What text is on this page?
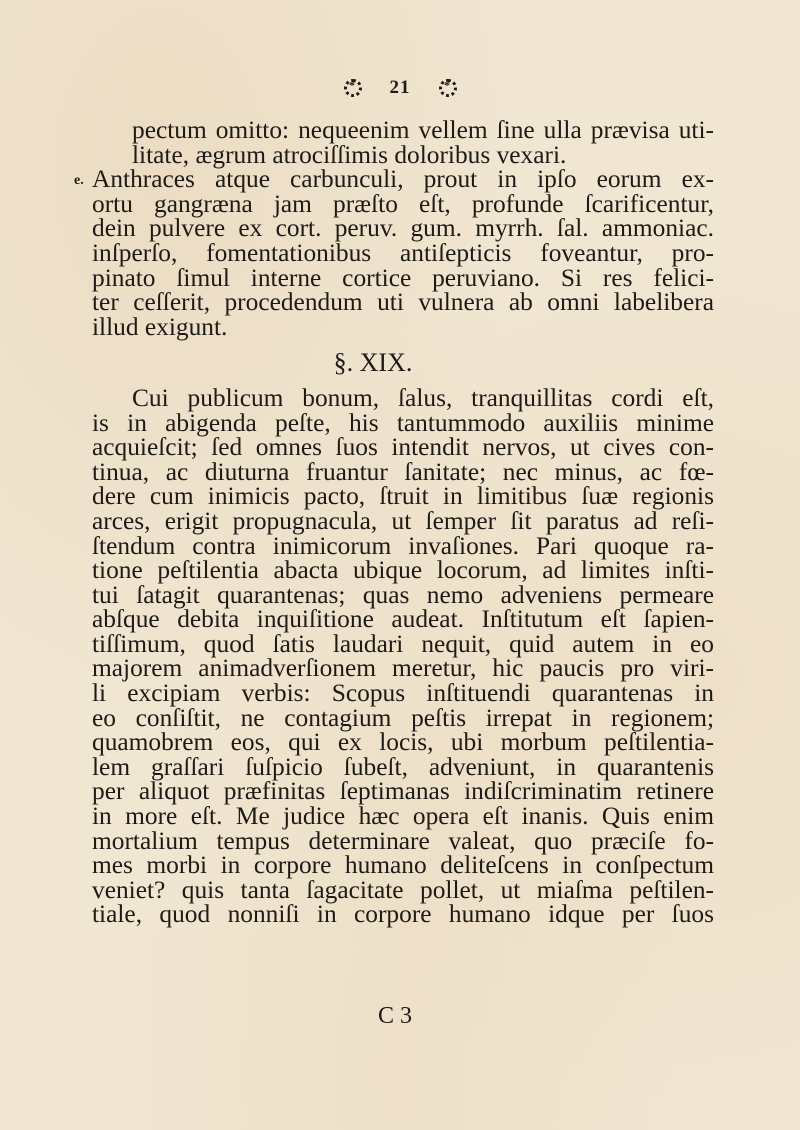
* 21 *
pectum omitto: nequeenim vellem ſine ulla prævisa uti-
litate, ægrum atrociſſimis doloribus vexari.
e. Anthraces atque carbunculi, prout in ipſo eorum ex-
ortu gangræna jam præſto eſt, profunde ſcarificentur,
dein pulvere ex cort. peruv. gum. myrrh. ſal. ammoniac.
inſperſo, fomentationibus antiſepticis foveantur, pro-
pinato ſimul interne cortice peruviano. Si res felici-
ter ceſſerit, procedendum uti vulnera ab omni labelibera
illud exigunt.
§. XIX.
Cui publicum bonum, ſalus, tranquillitas cordi eſt,
is in abigenda peſte, his tantummodo auxiliis minime
acquieſcit; ſed omnes ſuos intendit nervos, ut cives con-
tinua, ac diuturna fruantur ſanitate; nec minus, ac fœ-
dere cum inimicis pacto, ſtruit in limitibus ſuæ regionis
arces, erigit propugnacula, ut ſemper ſit paratus ad reſi-
ſtendum contra inimicorum invaſiones. Pari quoque ra-
tione peſtilentia abacta ubique locorum, ad limites inſti-
tui ſatagit quarantenas; quas nemo adveniens permeare
abſque debita inquiſitione audeat. Inſtitutum eſt ſapien-
tiſſimum, quod ſatis laudari nequit, quid autem in eo
majorem animadverſionem meretur, hic paucis pro viri-
li excipiam verbis: Scopus inſtituendi quarantenas in
eo conſiſtit, ne contagium peſtis irrepat in regionem;
quamobrem eos, qui ex locis, ubi morbum peſtilentia-
lem graſſari ſuſpicio ſubeſt, adveniunt, in quarantenis
per aliquot præfinitas ſeptimanas indiſcriminatim retinere
in more eſt. Me judice hæc opera eſt inanis. Quis enim
mortalium tempus determinare valeat, quo præciſe fo-
mes morbi in corpore humano deliteſcens in conſpectum
veniet? quis tanta ſagacitate pollet, ut miaſma peſtilen-
tiale, quod nonniſi in corpore humano idque per ſuos
C 3
